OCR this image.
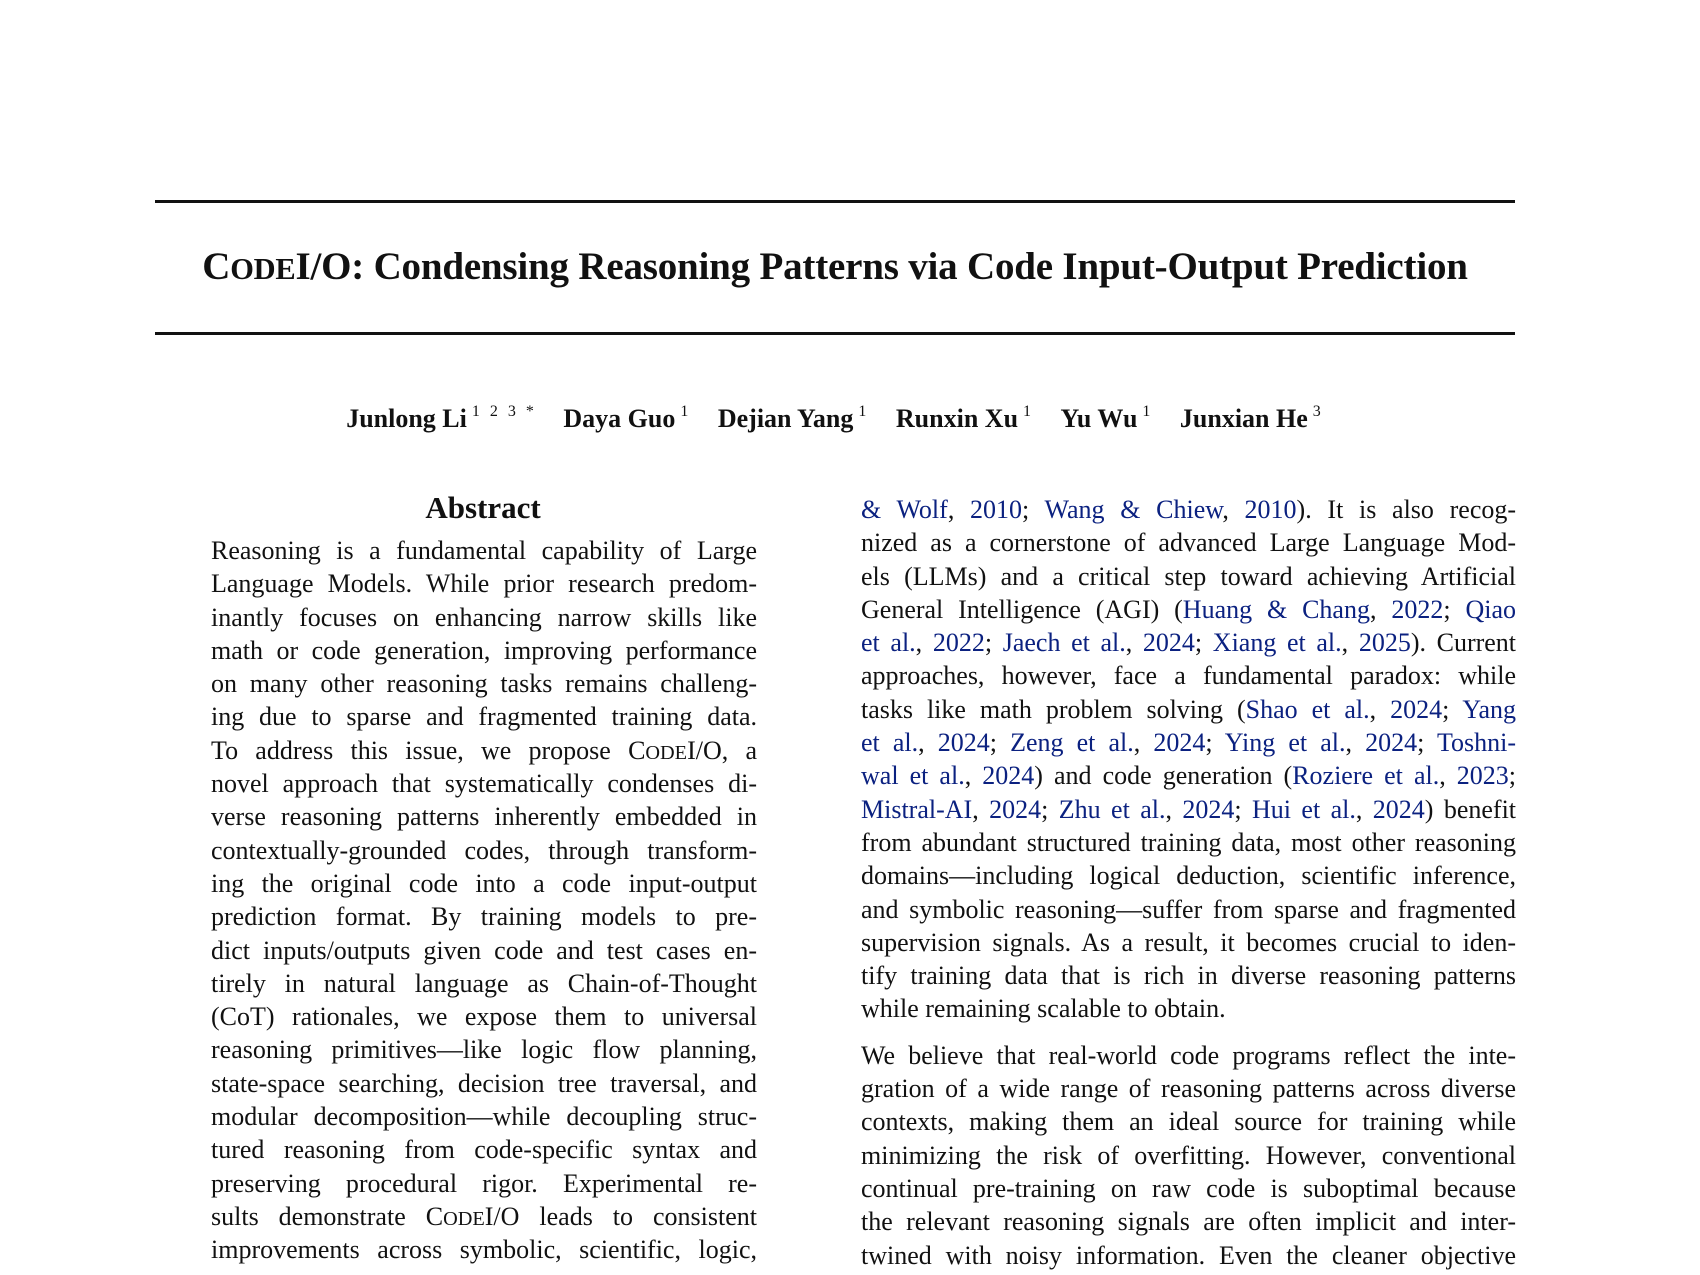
CODEI/O: Condensing Reasoning Patterns via Code Input-Output Prediction
Junlong Li $^{1 2 3 *}$ Daya Guo $^1$ Dejian Yang $^1$ Runxin Xu $^1$ Yu Wu $^1$ Junxian He $^3$
Abstract
Reasoning is a fundamental capability of Large
Language Models. While prior research predom-
inantly focuses on enhancing narrow skills like
math or code generation, improving performance
on many other reasoning tasks remains challeng-
ing due to sparse and fragmented training data.
To address this issue, we propose CODEI/O, a
novel approach that systematically condenses di-
verse reasoning patterns inherently embedded in
contextually-grounded codes, through transform-
ing the original code into a code input-output
prediction format. By training models to pre-
dict inputs/outputs given code and test cases en-
tirely in natural language as Chain-of-Thought
(CoT) rationales, we expose them to universal
reasoning primitives—like logic flow planning,
state-space searching, decision tree traversal, and
modular decomposition—while decoupling struc-
tured reasoning from code-specific syntax and
preserving procedural rigor. Experimental re-
sults demonstrate CODEI/O leads to consistent
improvements across symbolic, scientific, logic,
& Wolf, 2010; Wang & Chiew, 2010). It is also recog-
nized as a cornerstone of advanced Large Language Mod-
els (LLMs) and a critical step toward achieving Artificial
General Intelligence (AGI) (Huang & Chang, 2022; Qiao
et al., 2022; Jaech et al., 2024; Xiang et al., 2025). Current
approaches, however, face a fundamental paradox: while
tasks like math problem solving (Shao et al., 2024; Yang
et al., 2024; Zeng et al., 2024; Ying et al., 2024; Toshni-
wal et al., 2024) and code generation (Roziere et al., 2023;
Mistral-AI, 2024; Zhu et al., 2024; Hui et al., 2024) benefit
from abundant structured training data, most other reasoning
domains—including logical deduction, scientific inference,
and symbolic reasoning—suffer from sparse and fragmented
supervision signals. As a result, it becomes crucial to iden-
tify training data that is rich in diverse reasoning patterns
while remaining scalable to obtain.
We believe that real-world code programs reflect the inte-
gration of a wide range of reasoning patterns across diverse
contexts, making them an ideal source for training while
minimizing the risk of overfitting. However, conventional
continual pre-training on raw code is suboptimal because
the relevant reasoning signals are often implicit and inter-
twined with noisy information. Even the cleaner objective
